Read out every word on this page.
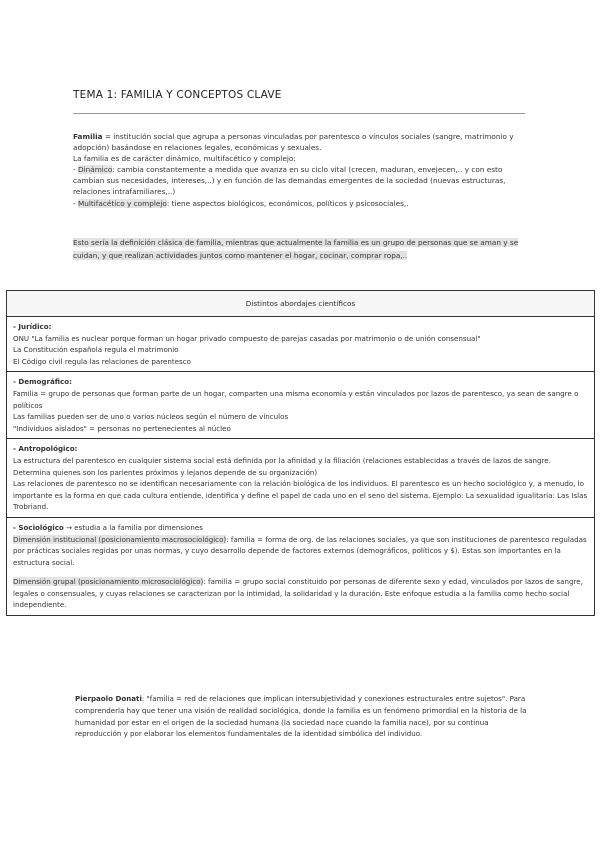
TEMA 1: FAMILIA Y CONCEPTOS CLAVE

Familia = institución social que agrupa a personas vinculadas por parentesco o vínculos sociales (sangre, matrimonio y adopción) basándose en relaciones legales, económicas y sexuales.

La familia es de carácter dinámico, multifacético y complejo:

- Dinámico: cambia constantemente a medida que avanza en su ciclo vital (crecen, maduran, envejecen,.. y con esto cambian sus necesidades, intereses,..) y en función de las demandas emergentes de la sociedad (nuevas estructuras, relaciones intrafamiliares,..)

- Multifacético y complejo: tiene aspectos biológicos, económicos, políticos y psicosociales,.

Esto sería la definición clásica de familia, mientras que actualmente la familia es un grupo de personas que se aman y se cuidan, y que realizan actividades juntos como mantener el hogar, cocinar, comprar ropa,..
Distintos abordajes científicos

- Jurídico:

ONU "La familia es nuclear porque forman un hogar privado compuesto de parejas casadas por matrimonio o de unión consensual"

La Constitución española regula el matrimonio

El Código civil regula las relaciones de parentesco

- Demográfico:

Familia = grupo de personas que forman parte de un hogar, comparten una misma economía y están vinculados por lazos de parentesco, ya sean de sangre o políticos

Las familias pueden ser de uno o varios núcleos según el número de vínculos

"Individuos aislados" = personas no pertenecientes al núcleo

- Antropológico:

La estructura del parentesco en cualquier sistema social está definida por la afinidad y la filiación (relaciones establecidas a través de lazos de sangre. Determina quienes son los parientes próximos y lejanos depende de su organización)

Las relaciones de parentesco no se identifican necesariamente con la relación biológica de los individuos. El parentesco es un hecho sociológico y, a menudo, lo importante es la forma en que cada cultura entiende, identifica y define el papel de cada uno en el seno del sistema. Ejemplo: La sexualidad igualitaria: Las Islas Trobriand.

- Sociológico → estudia a la familia por dimensiones

Dimensión institucional (posicionamiento macrosociológico): familia = forma de org. de las relaciones sociales, ya que son instituciones de parentesco reguladas por prácticas sociales regidas por unas normas, y cuyo desarrollo depende de factores externos (demográficos, políticos y $). Estas son importantes en la estructura social.

Dimensión grupal (posicionamiento microsociológico): familia = grupo social constituido por personas de diferente sexo y edad, vinculados por lazos de sangre, legales o consensuales, y cuyas relaciones se caracterizan por la intimidad, la solidaridad y la duración. Este enfoque estudia a la familia como hecho social independiente.

Pierpaolo Donati: "familia = red de relaciones que implican intersubjetividad y conexiones estructurales entre sujetos". Para comprenderla hay que tener una visión de realidad sociológica, donde la familia es un fenómeno primordial en la historia de la humanidad por estar en el origen de la sociedad humana (la sociedad nace cuando la familia nace), por su continua reproducción y por elaborar los elementos fundamentales de la identidad simbólica del individuo.
